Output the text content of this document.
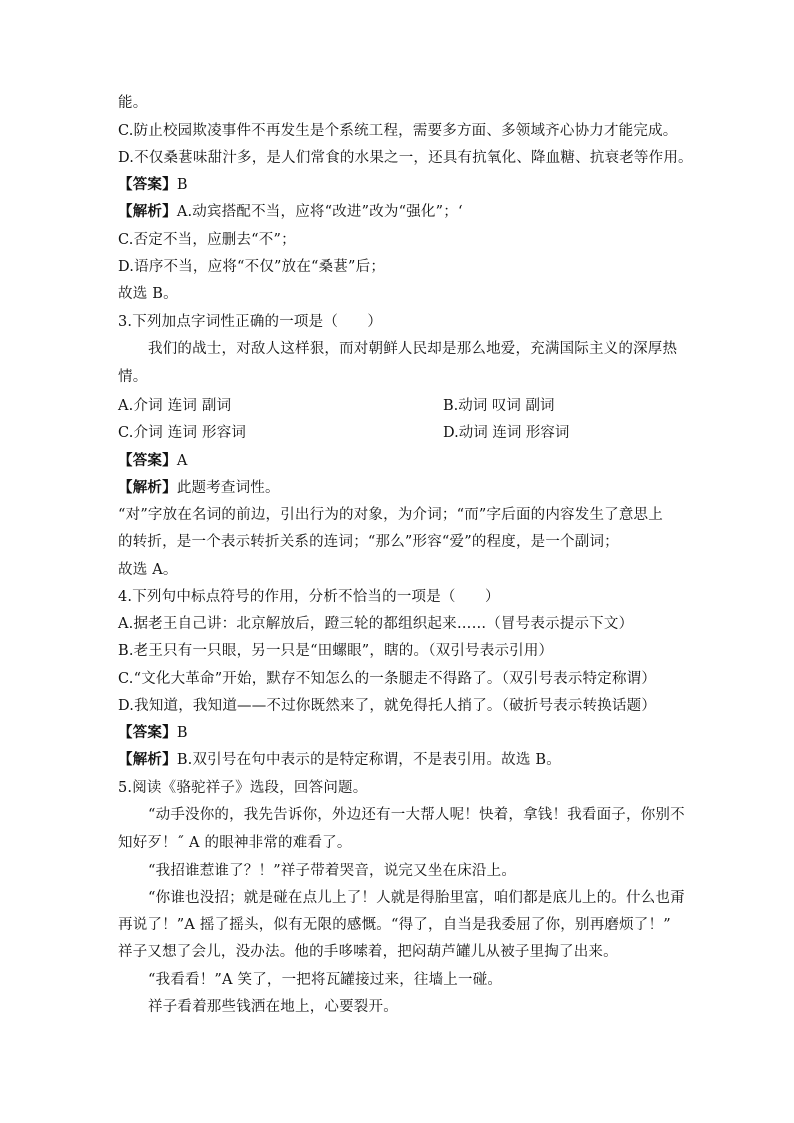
能。
C.防止校园欺凌事件不再发生是个系统工程，需要多方面、多领域齐心协力才能完成。
D.不仅桑葚味甜汁多，是人们常食的水果之一，还具有抗氧化、降血糖、抗衰老等作用。
【答案】B
【解析】A.动宾搭配不当，应将“改进”改为“强化”；‘
C.否定不当，应删去“不”；
D.语序不当，应将“不仅”放在“桑葚”后；
故选 B。
3.下列加点字词性正确的一项是（　　）
我们的战士，对敌人这样狠，而对朝鲜人民却是那么地爱，充满国际主义的深厚热
情。
A.介词 连词 副词	B.动词 叹词 副词
C.介词 连词 形容词	D.动词 连词 形容词
【答案】A
【解析】此题考查词性。
“对”字放在名词的前边，引出行为的对象，为介词；“而”字后面的内容发生了意思上
的转折，是一个表示转折关系的连词；“那么”形容“爱”的程度，是一个副词；
故选 A。
4.下列句中标点符号的作用，分析不恰当的一项是（　　）
A.据老王自己讲：北京解放后，蹬三轮的都组织起来……（冒号表示提示下文）
B.老王只有一只眼，另一只是“田螺眼”，瞎的。（双引号表示引用）
C.“文化大革命”开始，默存不知怎么的一条腿走不得路了。（双引号表示特定称谓）
D.我知道，我知道——不过你既然来了，就免得托人捎了。（破折号表示转换话题）
【答案】B
【解析】B.双引号在句中表示的是特定称谓，不是表引用。故选 B。
5.阅读《骆驼祥子》选段，回答问题。
“动手没你的，我先告诉你，外边还有一大帮人呢！快着，拿钱！我看面子，你别不
知好歹！˝ A 的眼神非常的难看了。
“我招谁惹谁了？！”祥子带着哭音，说完又坐在床沿上。
“你谁也没招；就是碰在点儿上了！人就是得胎里富，咱们都是底儿上的。什么也甭
再说了！”A 摇了摇头，似有无限的感慨。“得了，自当是我委屈了你，别再磨烦了！”
祥子又想了会儿，没办法。他的手哆嗦着，把闷葫芦罐儿从被子里掏了出来。
“我看看！”A 笑了，一把将瓦罐接过来，往墙上一碰。
祥子看着那些钱洒在地上，心要裂开。
